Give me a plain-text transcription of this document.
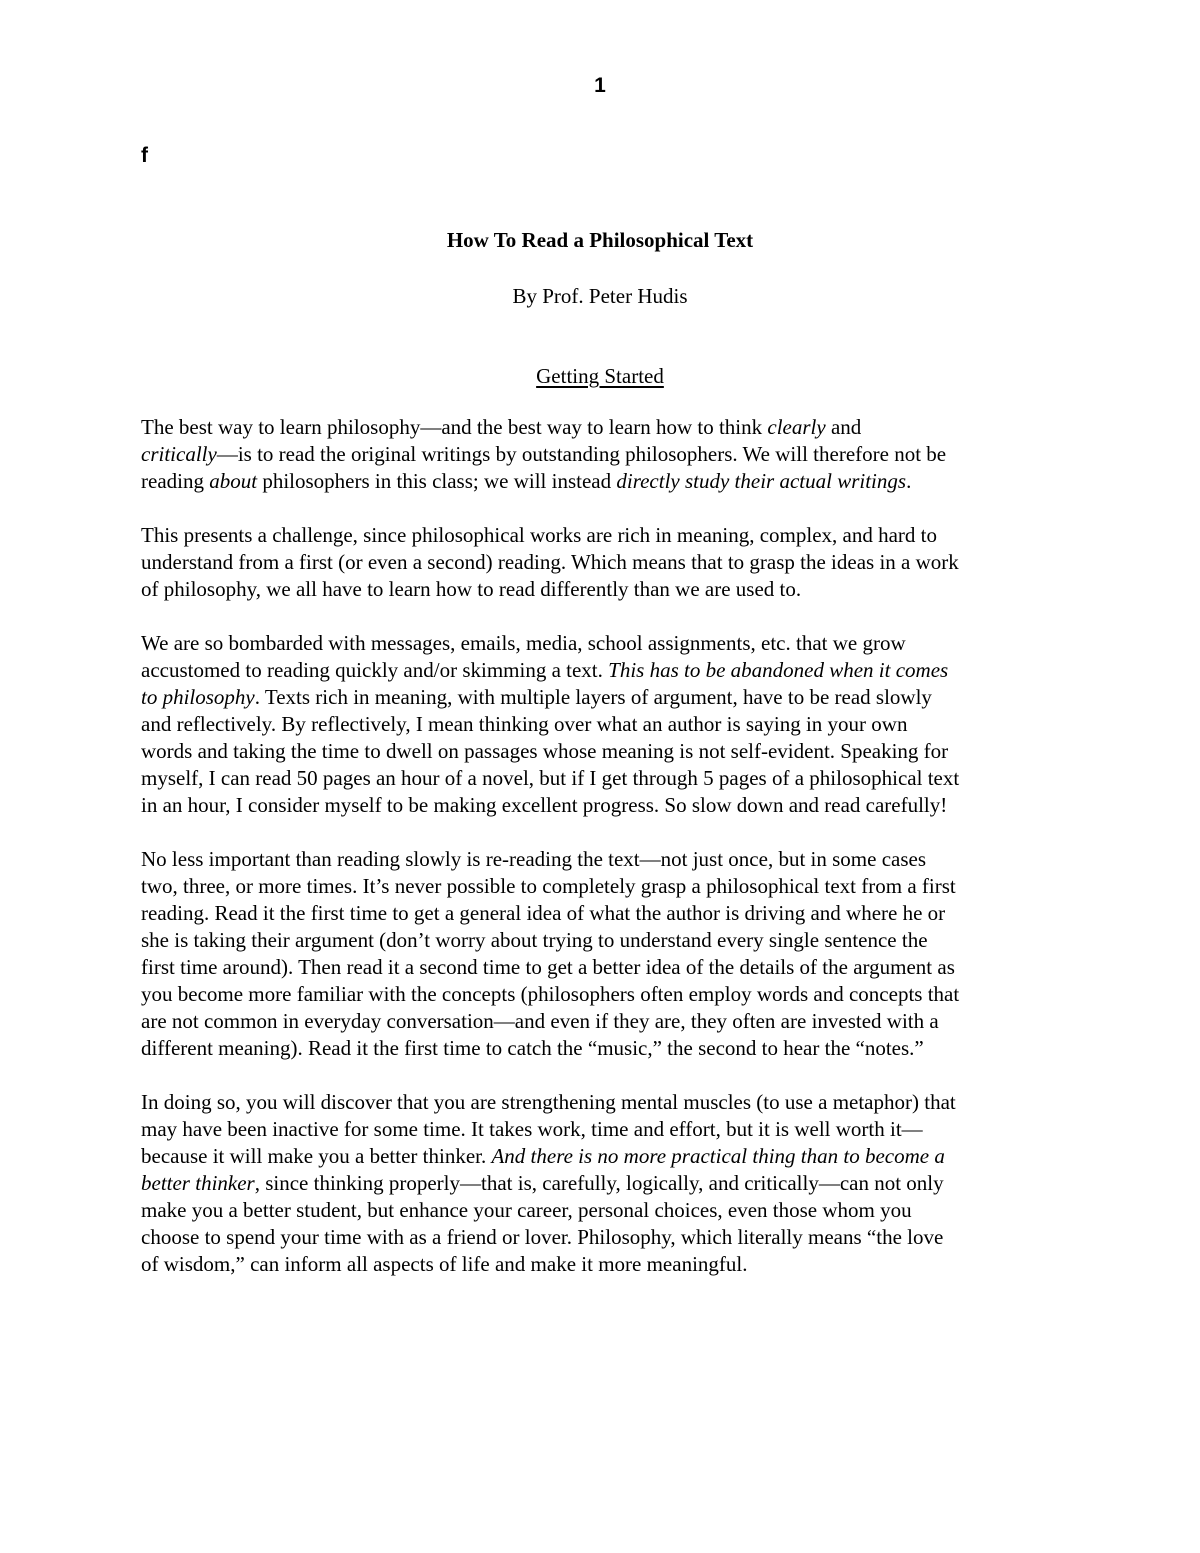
1
f
How To Read a Philosophical Text
By Prof. Peter Hudis
Getting Started

The best way to learn philosophy—and the best way to learn how to think clearly and
critically—is to read the original writings by outstanding philosophers. We will therefore not be
reading about philosophers in this class; we will instead directly study their actual writings.

This presents a challenge, since philosophical works are rich in meaning, complex, and hard to
understand from a first (or even a second) reading. Which means that to grasp the ideas in a work
of philosophy, we all have to learn how to read differently than we are used to.

We are so bombarded with messages, emails, media, school assignments, etc. that we grow
accustomed to reading quickly and/or skimming a text. This has to be abandoned when it comes
to philosophy. Texts rich in meaning, with multiple layers of argument, have to be read slowly
and reflectively. By reflectively, I mean thinking over what an author is saying in your own
words and taking the time to dwell on passages whose meaning is not self-evident. Speaking for
myself, I can read 50 pages an hour of a novel, but if I get through 5 pages of a philosophical text
in an hour, I consider myself to be making excellent progress. So slow down and read carefully!

No less important than reading slowly is re-reading the text—not just once, but in some cases
two, three, or more times. It’s never possible to completely grasp a philosophical text from a first
reading. Read it the first time to get a general idea of what the author is driving and where he or
she is taking their argument (don’t worry about trying to understand every single sentence the
first time around). Then read it a second time to get a better idea of the details of the argument as
you become more familiar with the concepts (philosophers often employ words and concepts that
are not common in everyday conversation—and even if they are, they often are invested with a
different meaning). Read it the first time to catch the “music,” the second to hear the “notes.”

In doing so, you will discover that you are strengthening mental muscles (to use a metaphor) that
may have been inactive for some time. It takes work, time and effort, but it is well worth it—
because it will make you a better thinker. And there is no more practical thing than to become a
better thinker, since thinking properly—that is, carefully, logically, and critically—can not only
make you a better student, but enhance your career, personal choices, even those whom you
choose to spend your time with as a friend or lover. Philosophy, which literally means “the love
of wisdom,” can inform all aspects of life and make it more meaningful.
